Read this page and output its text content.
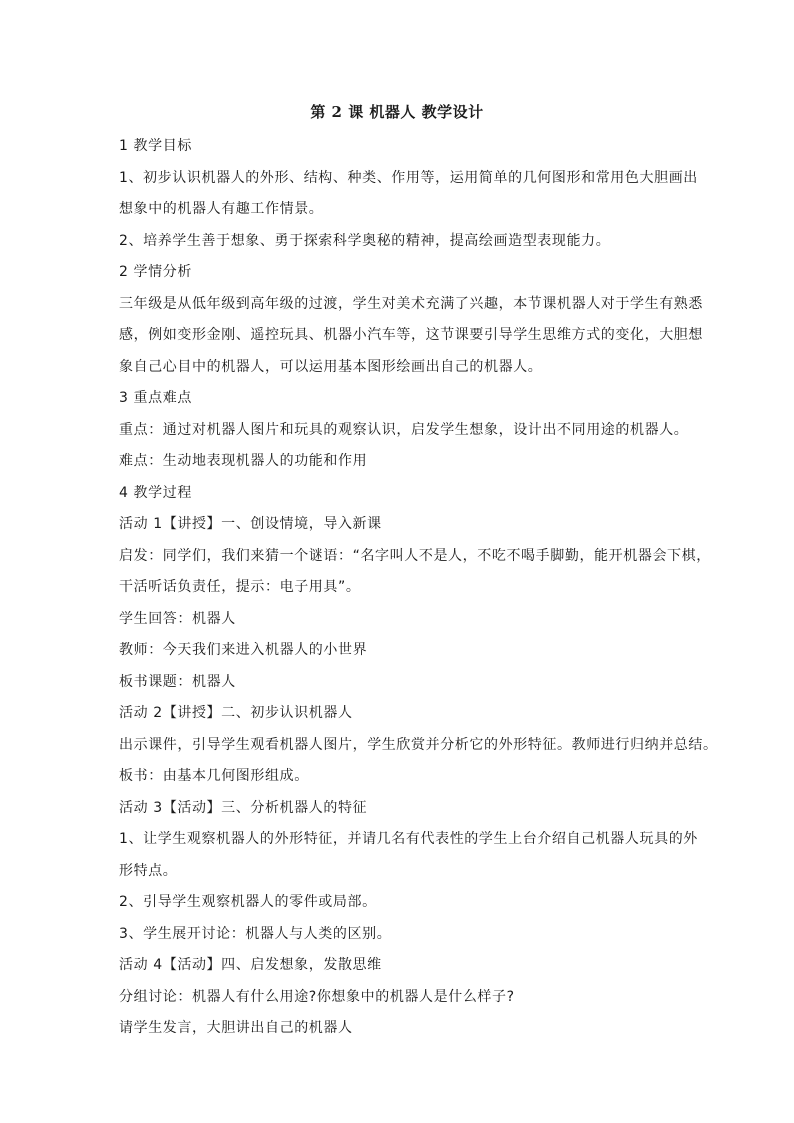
第 2 课 机器人 教学设计
1 教学目标
1、初步认识机器人的外形、结构、种类、作用等，运用简单的几何图形和常用色大胆画出
想象中的机器人有趣工作情景。
2、培养学生善于想象、勇于探索科学奥秘的精神，提高绘画造型表现能力。
2 学情分析
三年级是从低年级到高年级的过渡，学生对美术充满了兴趣，本节课机器人对于学生有熟悉
感，例如变形金刚、遥控玩具、机器小汽车等，这节课要引导学生思维方式的变化，大胆想
象自己心目中的机器人，可以运用基本图形绘画出自己的机器人。
3 重点难点
重点：通过对机器人图片和玩具的观察认识，启发学生想象，设计出不同用途的机器人。
难点：生动地表现机器人的功能和作用
4 教学过程
活动 1【讲授】一、创设情境，导入新课
启发：同学们，我们来猜一个谜语：“名字叫人不是人，不吃不喝手脚勤，能开机器会下棋，
干活听话负责任，提示：电子用具”。
学生回答：机器人
教师：今天我们来进入机器人的小世界
板书课题：机器人
活动 2【讲授】二、初步认识机器人
出示课件，引导学生观看机器人图片，学生欣赏并分析它的外形特征。教师进行归纳并总结。
板书：由基本几何图形组成。
活动 3【活动】三、分析机器人的特征
1、让学生观察机器人的外形特征，并请几名有代表性的学生上台介绍自己机器人玩具的外
形特点。
2、引导学生观察机器人的零件或局部。
3、学生展开讨论：机器人与人类的区别。
活动 4【活动】四、启发想象，发散思维
分组讨论：机器人有什么用途?你想象中的机器人是什么样子?
请学生发言，大胆讲出自己的机器人
